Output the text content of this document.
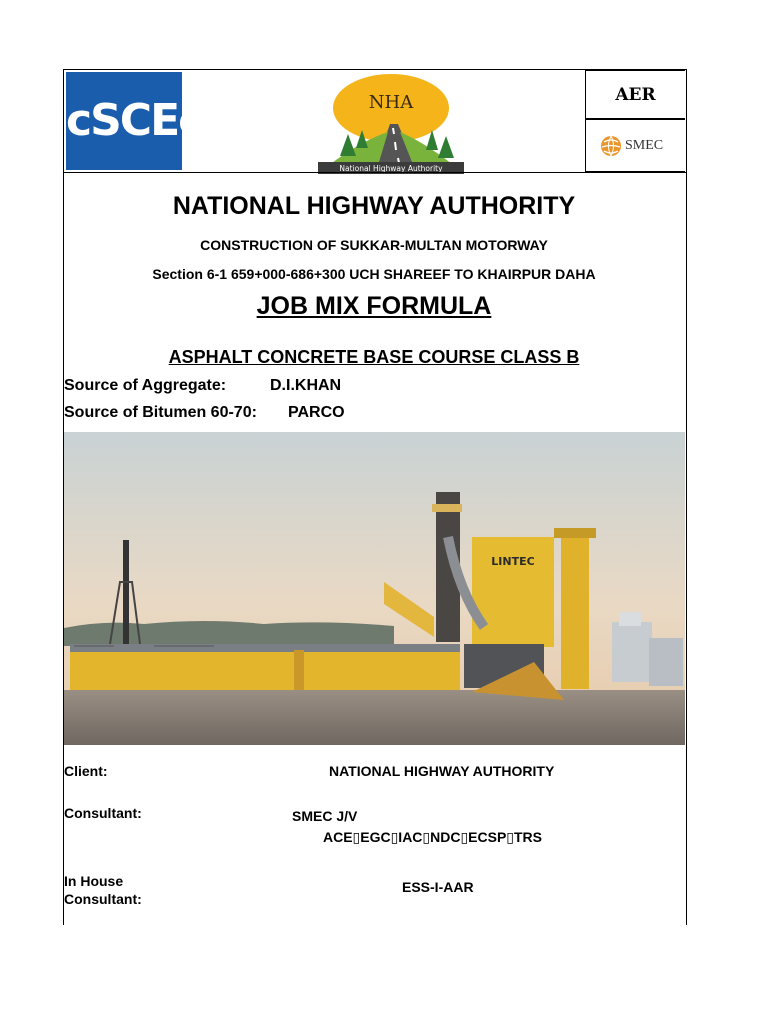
cSCEc	NHA
National Highway Authority
AER
SMEC
NATIONAL HIGHWAY AUTHORITY
CONSTRUCTION OF SUKKAR-MULTAN MOTORWAY
Section 6-1 659+000-686+300 UCH SHAREEF TO KHAIRPUR DAHA
JOB MIX FORMULA
ASPHALT CONCRETE BASE COURSE CLASS B
Source of Aggregate:	D.I.KHAN
Source of Bitumen 60-70: PARCO
LINTEC
Client:	NATIONAL HIGHWAY AUTHORITY
Consultant:	SMEC J/V
ACE▯EGC▯IAC▯NDC▯ECSP▯TRS
In House
Consultant:
ESS-I-AAR
